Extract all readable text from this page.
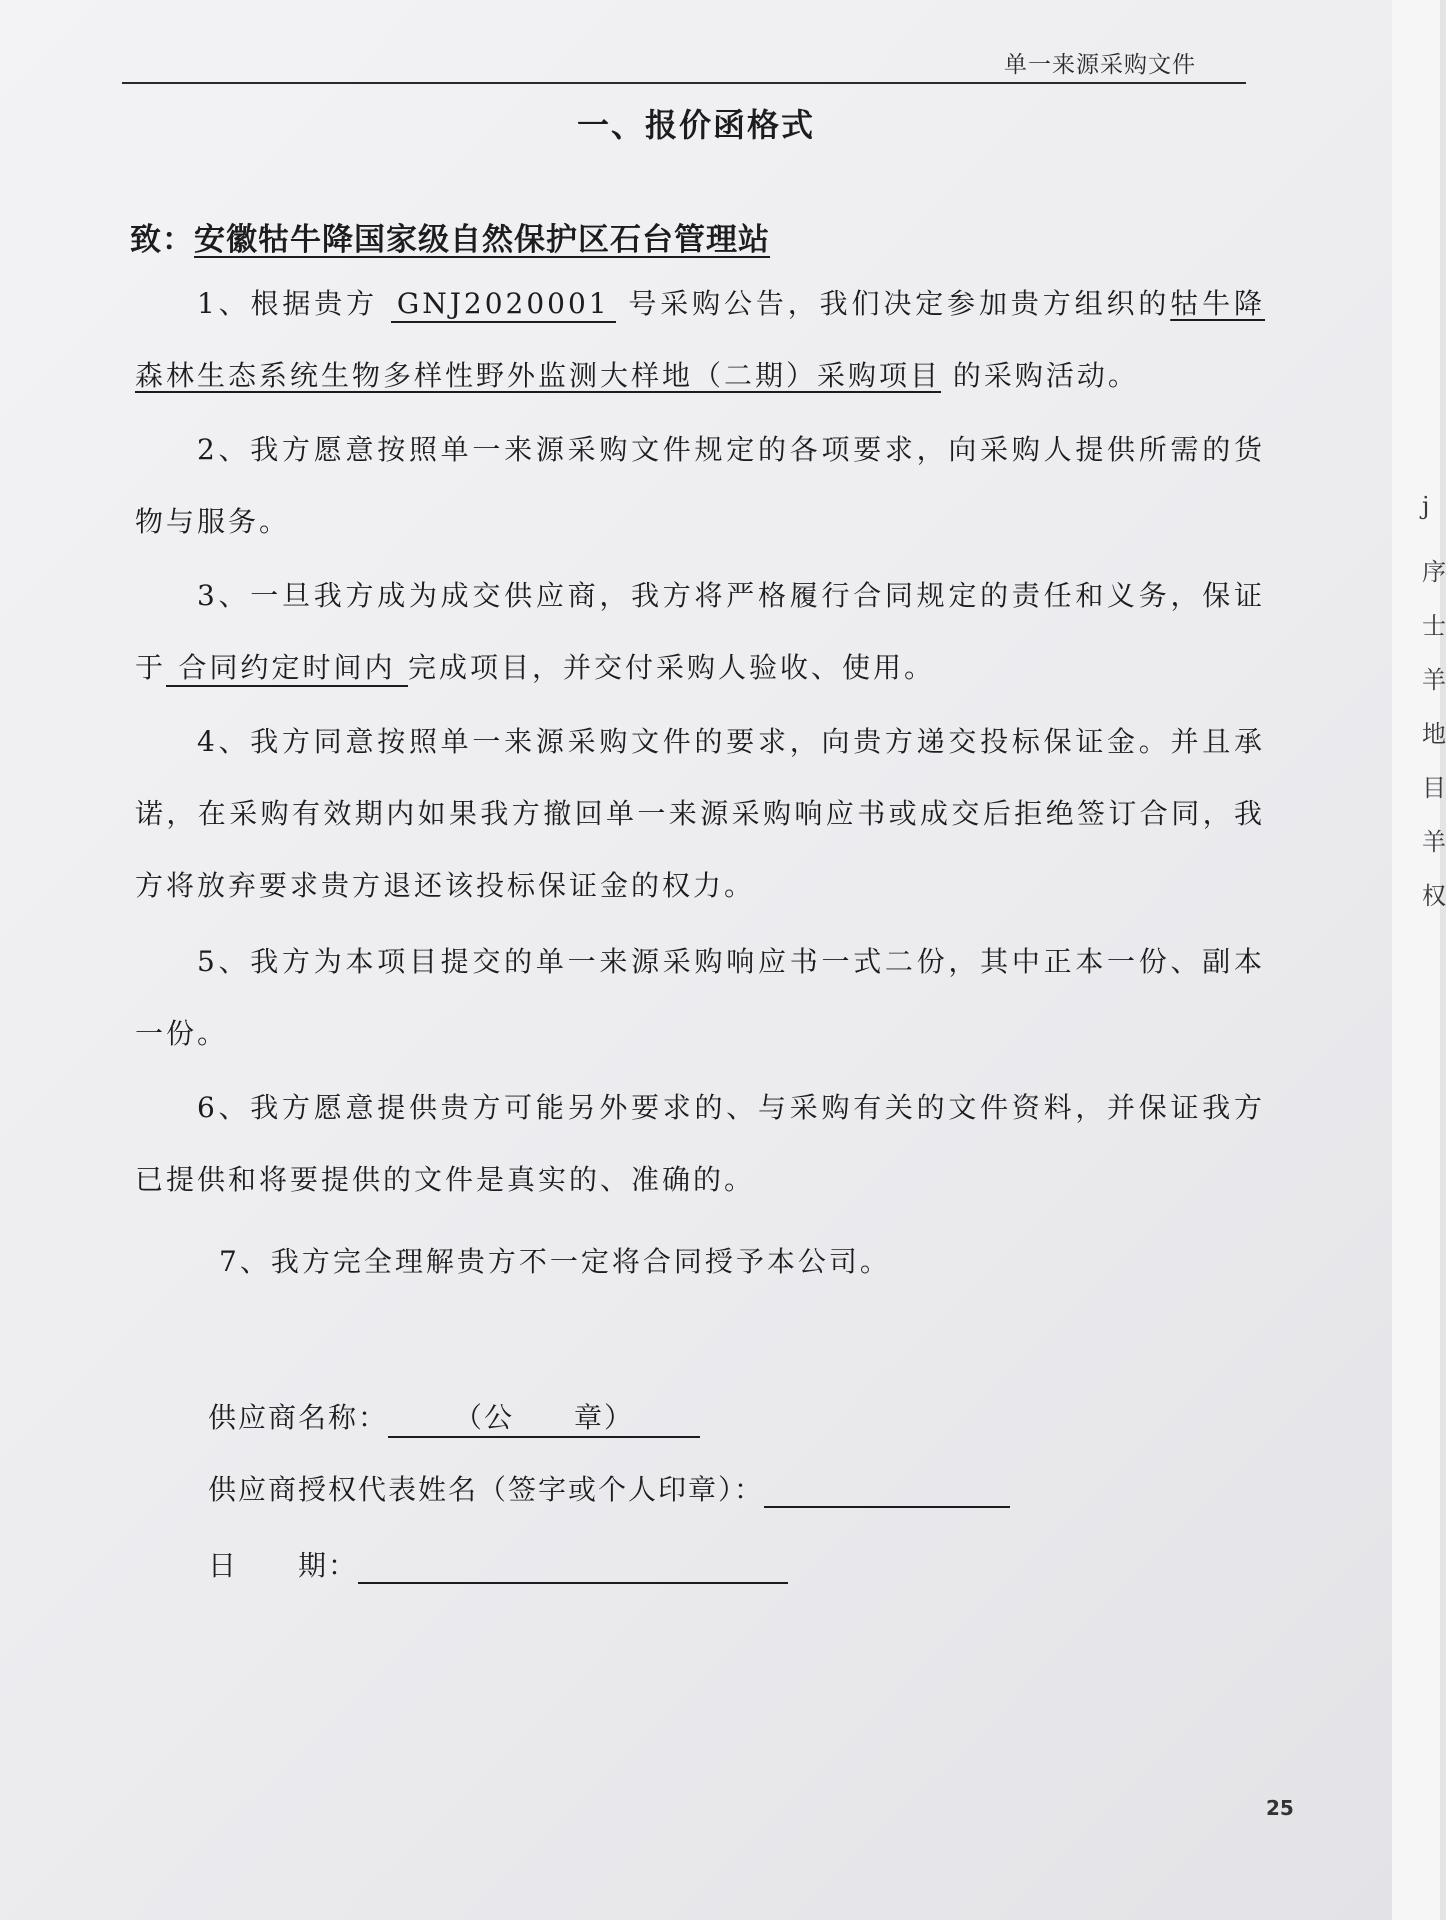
单一来源采购文件
一、报价函格式
致：安徽牯牛降国家级自然保护区石台管理站

1、根据贵方 GNJ2020001 号采购公告，我们决定参加贵方组织的牯牛降森林生态系统生物多样性野外监测大样地（二期）采购项目 的采购活动。

2、我方愿意按照单一来源采购文件规定的各项要求，向采购人提供所需的货物与服务。

3、一旦我方成为成交供应商，我方将严格履行合同规定的责任和义务，保证于 合同约定时间内 完成项目，并交付采购人验收、使用。

4、我方同意按照单一来源采购文件的要求，向贵方递交投标保证金。并且承诺，在采购有效期内如果我方撤回单一来源采购响应书或成交后拒绝签订合同，我方将放弃要求贵方退还该投标保证金的权力。

5、我方为本项目提交的单一来源采购响应书一式二份，其中正本一份、副本一份。

6、我方愿意提供贵方可能另外要求的、与采购有关的文件资料，并保证我方已提供和将要提供的文件是真实的、准确的。

7、我方完全理解贵方不一定将合同授予本公司。

供应商名称： （公　　章）
供应商授权代表姓名（签字或个人印章）：
日　　期：
25
j
序
士
羊
地
目
羊
权
